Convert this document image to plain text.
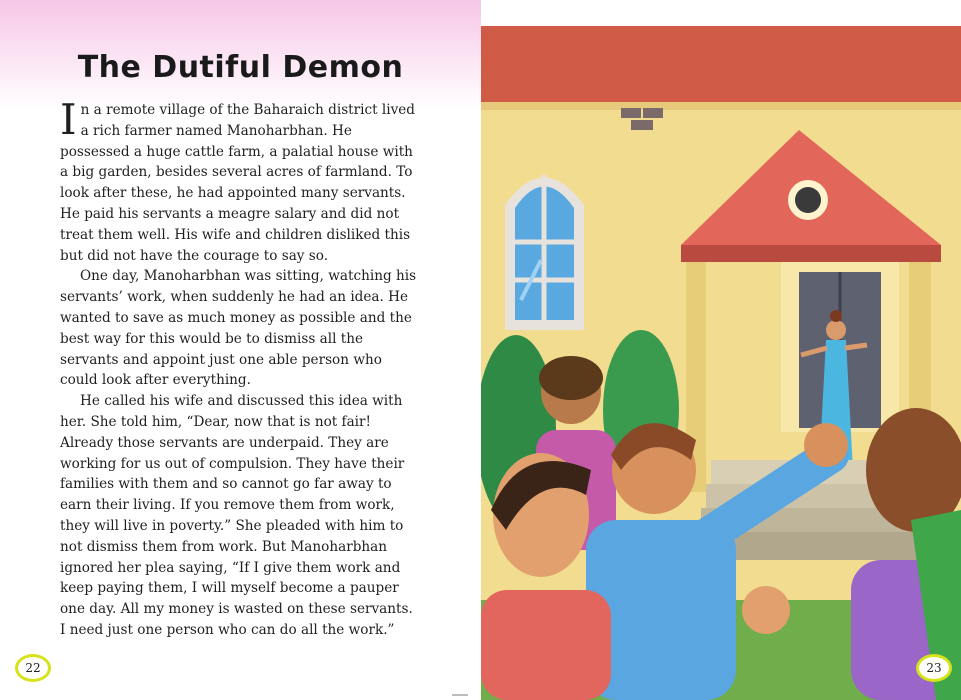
The Dutiful Demon

In a remote village of the Baharaich district lived a rich farmer named Manoharbhan. He possessed a huge cattle farm, a palatial house with a big garden, besides several acres of farmland. To look after these, he had appointed many servants. He paid his servants a meagre salary and did not treat them well. His wife and children disliked this but did not have the courage to say so.

One day, Manoharbhan was sitting, watching his servants’ work, when suddenly he had an idea. He wanted to save as much money as possible and the best way for this would be to dismiss all the servants and appoint just one able person who could look after everything.

He called his wife and discussed this idea with her. She told him, “Dear, now that is not fair! Already those servants are underpaid. They are working for us out of compulsion. They have their families with them and so cannot go far away to earn their living. If you remove them from work, they will live in poverty.” She pleaded with him to not dismiss them from work. But Manoharbhan ignored her plea saying, “If I give them work and keep paying them, I will myself become a pauper one day. All my money is wasted on these servants. I need just one person who can do all the work.”

22	23
